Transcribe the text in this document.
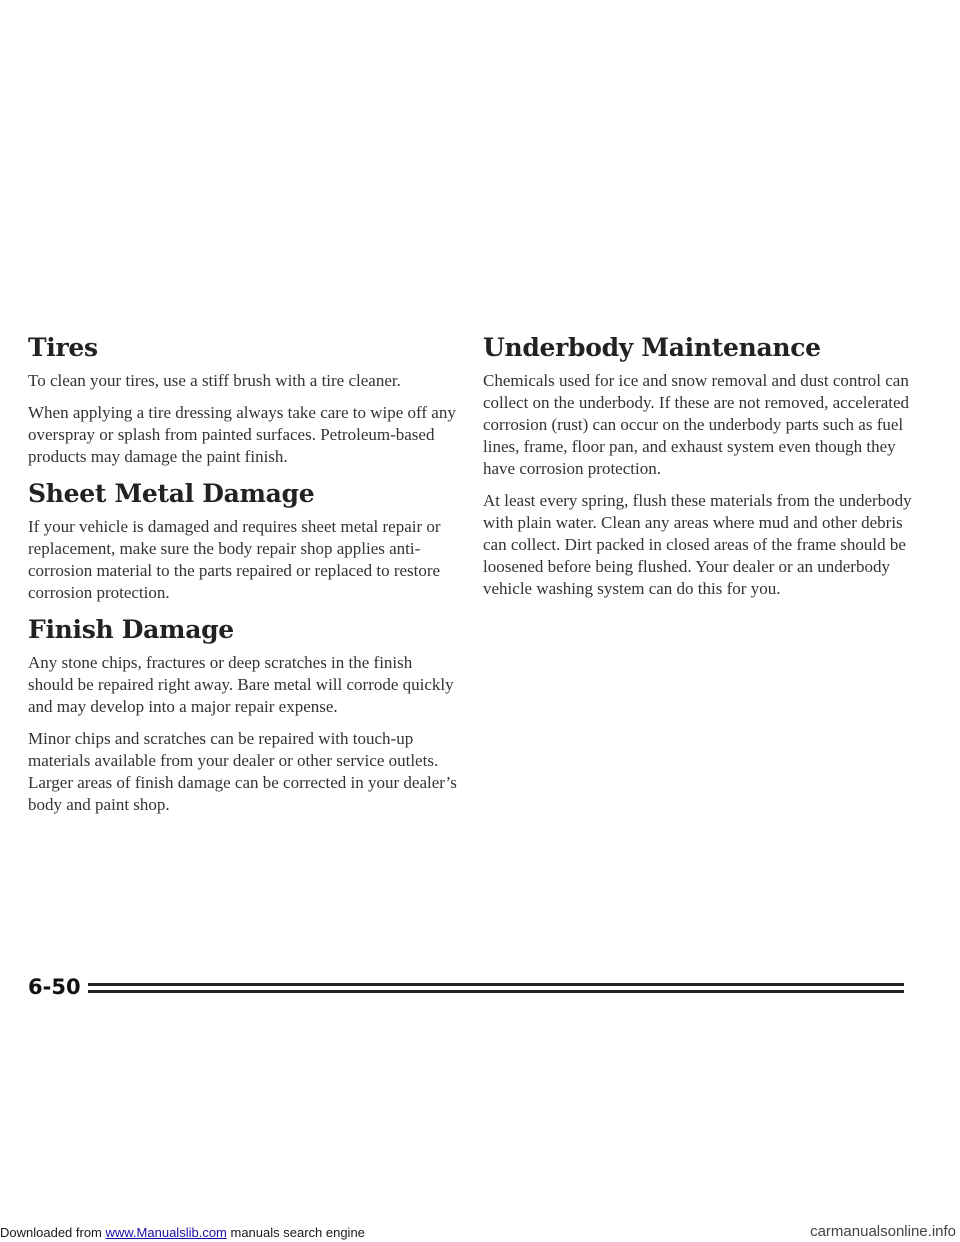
Tires

To clean your tires, use a stiff brush with a tire cleaner.

When applying a tire dressing always take care to wipe off any overspray or splash from painted surfaces. Petroleum-based products may damage the paint finish.

Sheet Metal Damage

If your vehicle is damaged and requires sheet metal repair or replacement, make sure the body repair shop applies anti-corrosion material to the parts repaired or replaced to restore corrosion protection.

Finish Damage

Any stone chips, fractures or deep scratches in the finish should be repaired right away. Bare metal will corrode quickly and may develop into a major repair expense.

Minor chips and scratches can be repaired with touch-up materials available from your dealer or other service outlets. Larger areas of finish damage can be corrected in your dealer’s body and paint shop.

Underbody Maintenance

Chemicals used for ice and snow removal and dust control can collect on the underbody. If these are not removed, accelerated corrosion (rust) can occur on the underbody parts such as fuel lines, frame, floor pan, and exhaust system even though they have corrosion protection.

At least every spring, flush these materials from the underbody with plain water. Clean any areas where mud and other debris can collect. Dirt packed in closed areas of the frame should be loosened before being flushed. Your dealer or an underbody vehicle washing system can do this for you.

6-50
Downloaded from www.Manualslib.com manuals search engine	carmanualsonline.info
